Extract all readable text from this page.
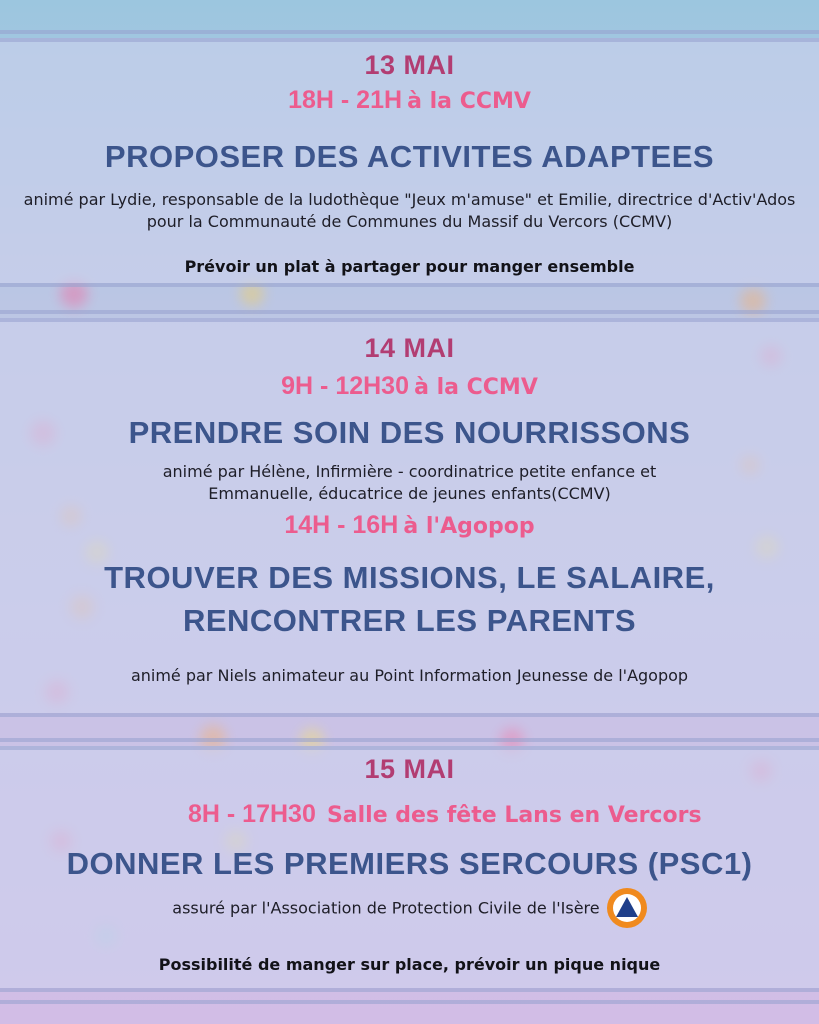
13 MAI
18H - 21H à la CCMV
PROPOSER DES ACTIVITES ADAPTEES
animé par Lydie, responsable de la ludothèque "Jeux m'amuse" et Emilie, directrice d'Activ'Ados pour la Communauté de Communes du Massif du Vercors (CCMV)
Prévoir un plat à partager pour manger ensemble
14 MAI
9H - 12H30 à la CCMV
PRENDRE SOIN DES NOURRISSONS
animé par Hélène, Infirmière - coordinatrice petite enfance et Emmanuelle, éducatrice de jeunes enfants(CCMV)
14H - 16H à l'Agopop
TROUVER DES MISSIONS, LE SALAIRE,
RENCONTRER LES PARENTS
animé par Niels animateur au Point Information Jeunesse de l'Agopop
15 MAI
8H - 17H30 Salle des fête Lans en Vercors
DONNER LES PREMIERS SERCOURS (PSC1)
assuré par l'Association de Protection Civile de l'Isère
Possibilité de manger sur place, prévoir un pique nique
